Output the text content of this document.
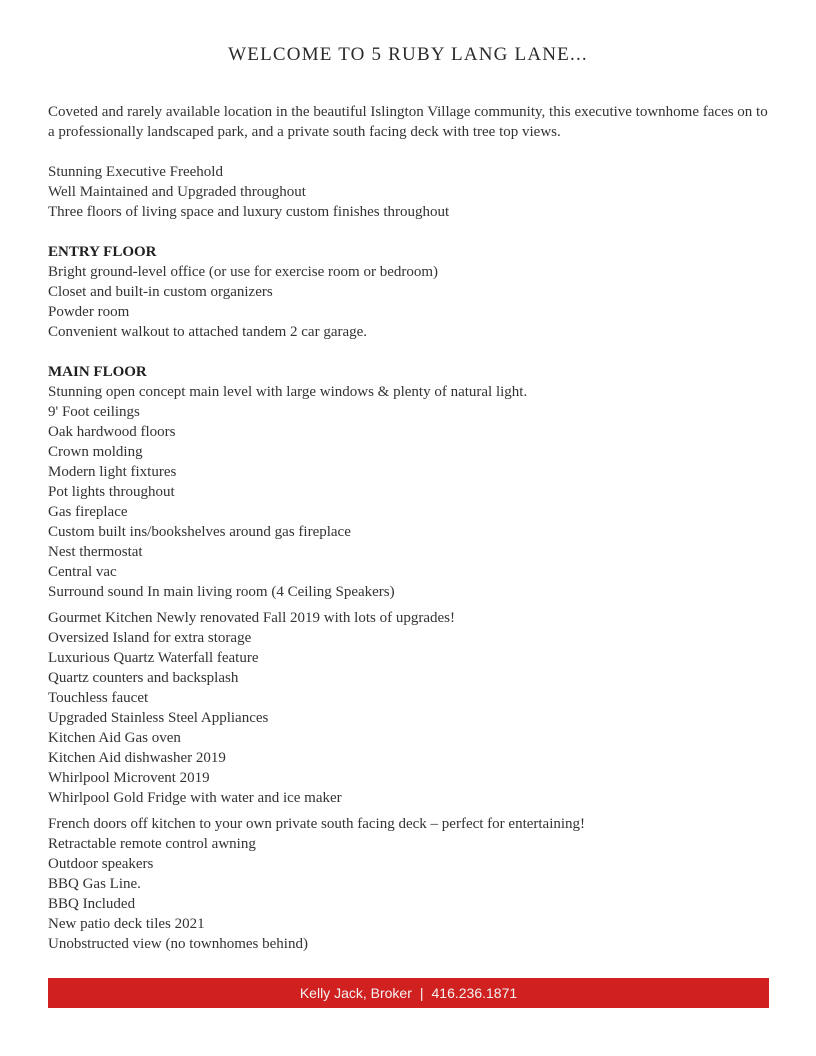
WELCOME TO 5 RUBY LANG LANE...
Coveted and rarely available location in the beautiful Islington Village community, this executive townhome faces on to a professionally landscaped park, and a private south facing deck with tree top views.
Stunning Executive Freehold
Well Maintained and Upgraded throughout
Three floors of living space and luxury custom finishes throughout
ENTRY FLOOR
Bright ground-level office (or use for exercise room or bedroom)
Closet and built-in custom organizers
Powder room
Convenient walkout to attached tandem 2 car garage.
MAIN FLOOR
Stunning open concept main level with large windows & plenty of natural light.
9' Foot ceilings
Oak hardwood floors
Crown molding
Modern light fixtures
Pot lights throughout
Gas fireplace
Custom built ins/bookshelves around gas fireplace
Nest thermostat
Central vac
Surround sound In main living room (4 Ceiling Speakers)
Gourmet Kitchen Newly renovated Fall 2019 with lots of upgrades!
Oversized Island for extra storage
Luxurious Quartz Waterfall feature
Quartz counters and backsplash
Touchless faucet
Upgraded Stainless Steel Appliances
Kitchen Aid Gas oven
Kitchen Aid dishwasher 2019
Whirlpool Microvent 2019
Whirlpool Gold Fridge with water and ice maker
French doors off kitchen to your own private south facing deck – perfect for entertaining!
Retractable remote control awning
Outdoor speakers
BBQ Gas Line.
BBQ Included
New patio deck tiles 2021
Unobstructed view (no townhomes behind)
Kelly Jack, Broker | 416.236.1871
